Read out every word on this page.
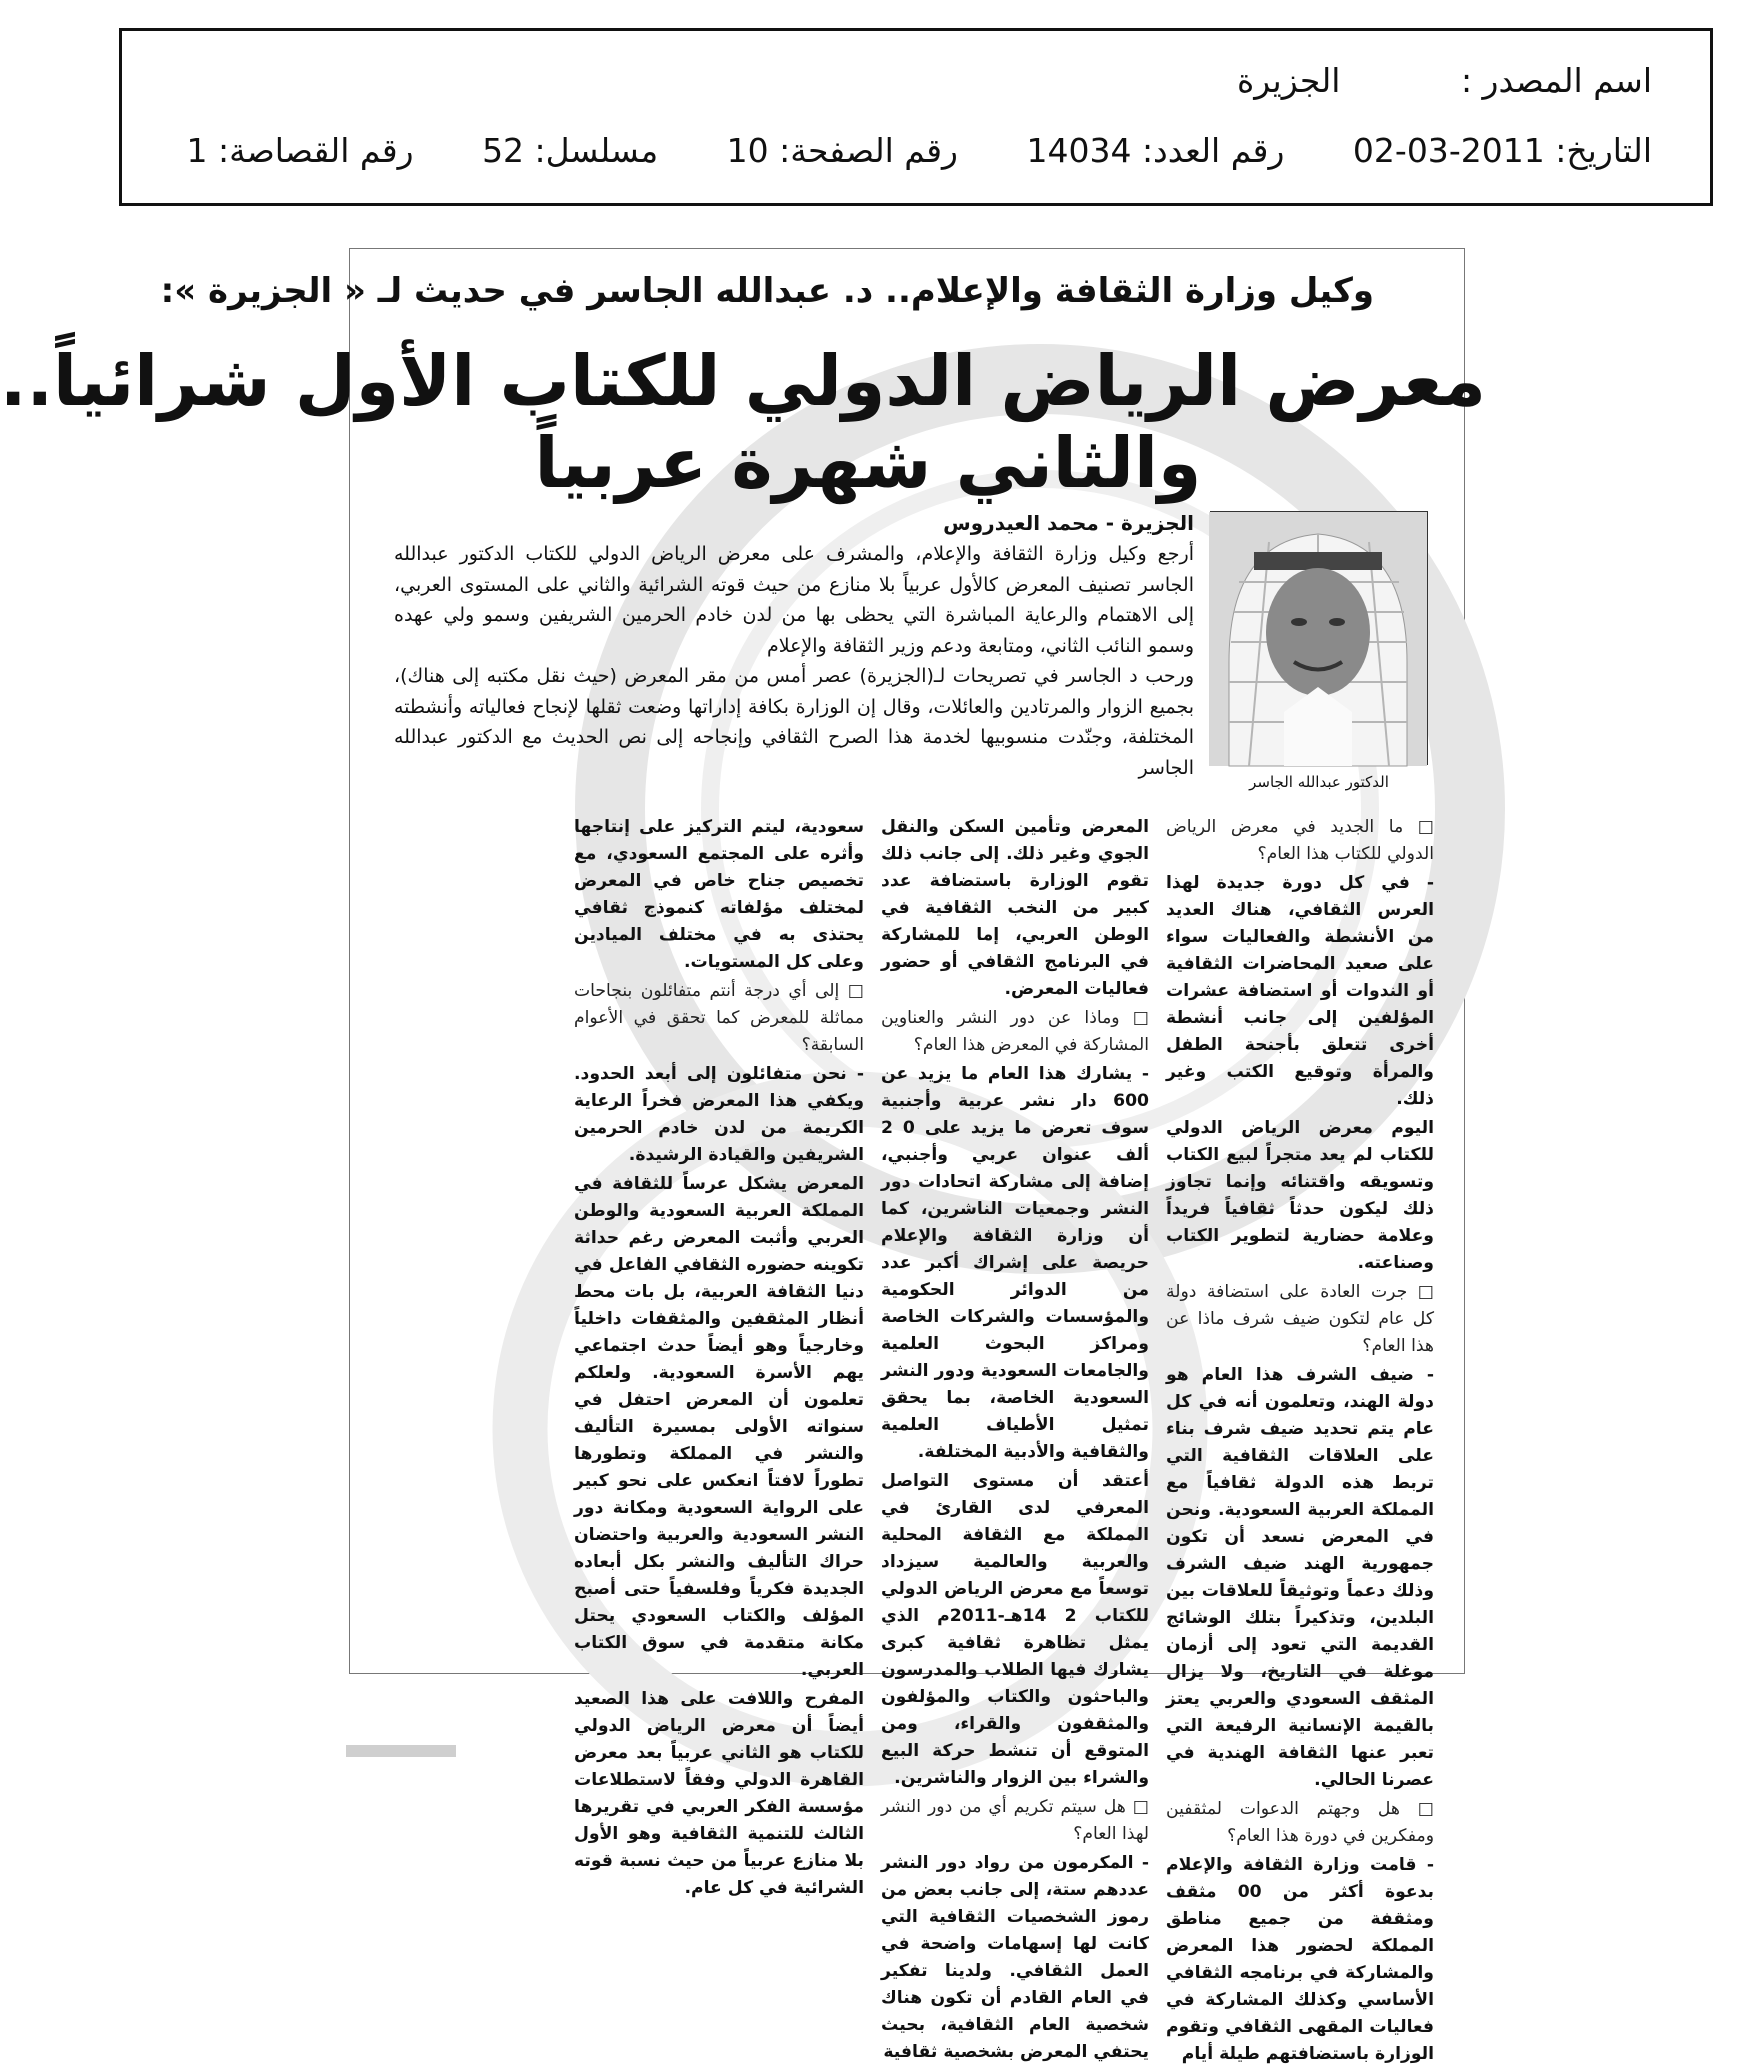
اسم المصدر : الجزيرة
التاريخ: 2011-03-02 رقم العدد: 14034 رقم الصفحة: 10 مسلسل: 52 رقم القصاصة: 1
وكيل وزارة الثقافة والإعلام.. د. عبدالله الجاسر في حديث لـ « الجزيرة »:
معرض الرياض الدولي للكتاب الأول شرائياً..
والثاني شهرة عربياً
الجزيرة - محمد العيدروس
الدكتور عبدالله الجاسر

أرجع وكيل وزارة الثقافة والإعلام، والمشرف على معرض الرياض الدولي للكتاب الدكتور عبدالله الجاسر تصنيف المعرض كالأول عربياً بلا منازع من حيث قوته الشرائية والثاني على المستوى العربي، إلى الاهتمام والرعاية المباشرة التي يحظى بها من لدن خادم الحرمين الشريفين وسمو ولي عهده وسمو النائب الثاني، ومتابعة ودعم وزير الثقافة والإعلام

ورحب د الجاسر في تصريحات لـ(الجزيرة) عصر أمس من مقر المعرض (حيث نقل مكتبه إلى هناك)، بجميع الزوار والمرتادين والعائلات، وقال إن الوزارة بكافة إداراتها وضعت ثقلها لإنجاح فعالياته وأنشطته المختلفة، وجنّدت منسوبيها لخدمة هذا الصرح الثقافي وإنجاحه إلى نص الحديث مع الدكتور عبدالله الجاسر

□ ما الجديد في معرض الرياض الدولي للكتاب هذا العام؟

- في كل دورة جديدة لهذا العرس الثقافي، هناك العديد من الأنشطة والفعاليات سواء على صعيد المحاضرات الثقافية أو الندوات أو استضافة عشرات المؤلفين إلى جانب أنشطة أخرى تتعلق بأجنحة الطفل والمرأة وتوقيع الكتب وغير ذلك.

اليوم معرض الرياض الدولي للكتاب لم يعد متجراً لبيع الكتاب وتسويقه واقتنائه وإنما تجاوز ذلك ليكون حدثاً ثقافياً فريداً وعلامة حضارية لتطوير الكتاب وصناعته.

□ جرت العادة على استضافة دولة كل عام لتكون ضيف شرف ماذا عن هذا العام؟

- ضيف الشرف هذا العام هو دولة الهند، وتعلمون أنه في كل عام يتم تحديد ضيف شرف بناء على العلاقات الثقافية التي تربط هذه الدولة ثقافياً مع المملكة العربية السعودية. ونحن في المعرض نسعد أن تكون جمهورية الهند ضيف الشرف وذلك دعماً وتوثيقاً للعلاقات بين البلدين، وتذكيراً بتلك الوشائج القديمة التي تعود إلى أزمان موغلة في التاريخ، ولا يزال المثقف السعودي والعربي يعتز بالقيمة الإنسانية الرفيعة التي تعبر عنها الثقافة الهندية في عصرنا الحالي.

□ هل وجهتم الدعوات لمثقفين ومفكرين في دورة هذا العام؟

- قامت وزارة الثقافة والإعلام بدعوة أكثر من 00 مثقف ومثقفة من جميع مناطق المملكة لحضور هذا المعرض والمشاركة في برنامجه الثقافي الأساسي وكذلك المشاركة في فعاليات المقهى الثقافي وتقوم الوزارة باستضافتهم طيلة أيام

المعرض وتأمين السكن والنقل الجوي وغير ذلك. إلى جانب ذلك تقوم الوزارة باستضافة عدد كبير من النخب الثقافية في الوطن العربي، إما للمشاركة في البرنامج الثقافي أو حضور فعاليات المعرض.

□ وماذا عن دور النشر والعناوين المشاركة في المعرض هذا العام؟

- يشارك هذا العام ما يزيد عن 600 دار نشر عربية وأجنبية سوف تعرض ما يزيد على 0 2 ألف عنوان عربي وأجنبي، إضافة إلى مشاركة اتحادات دور النشر وجمعيات الناشرين، كما أن وزارة الثقافة والإعلام حريصة على إشراك أكبر عدد من الدوائر الحكومية والمؤسسات والشركات الخاصة ومراكز البحوث العلمية والجامعات السعودية ودور النشر السعودية الخاصة، بما يحقق تمثيل الأطياف العلمية والثقافية والأدبية المختلفة.

أعتقد أن مستوى التواصل المعرفي لدى القارئ في المملكة مع الثقافة المحلية والعربية والعالمية سيزداد توسعاً مع معرض الرياض الدولي للكتاب 2 14هـ-2011م الذي يمثل تظاهرة ثقافية كبرى يشارك فيها الطلاب والمدرسون والباحثون والكتاب والمؤلفون والمثقفون والقراء، ومن المتوقع أن تنشط حركة البيع والشراء بين الزوار والناشرين.

□ هل سيتم تكريم أي من دور النشر لهذا العام؟

- المكرمون من رواد دور النشر عددهم ستة، إلى جانب بعض من رموز الشخصيات الثقافية التي كانت لها إسهامات واضحة في العمل الثقافي. ولدينا تفكير في العام القادم أن تكون هناك شخصية العام الثقافية، بحيث يحتفي المعرض بشخصية ثقافية

سعودية، ليتم التركيز على إنتاجها وأثره على المجتمع السعودي، مع تخصيص جناح خاص في المعرض لمختلف مؤلفاته كنموذج ثقافي يحتذى به في مختلف الميادين وعلى كل المستويات.

□ إلى أي درجة أنتم متفائلون بنجاحات مماثلة للمعرض كما تحقق في الأعوام السابقة؟

- نحن متفائلون إلى أبعد الحدود. ويكفي هذا المعرض فخراً الرعاية الكريمة من لدن خادم الحرمين الشريفين والقيادة الرشيدة.

المعرض يشكل عرساً للثقافة في المملكة العربية السعودية والوطن العربي وأثبت المعرض رغم حداثة تكوينه حضوره الثقافي الفاعل في دنيا الثقافة العربية، بل بات محط أنظار المثقفين والمثقفات داخلياً وخارجياً وهو أيضاً حدث اجتماعي يهم الأسرة السعودية. ولعلكم تعلمون أن المعرض احتفل في سنواته الأولى بمسيرة التأليف والنشر في المملكة وتطورها تطوراً لافتاً انعكس على نحو كبير على الرواية السعودية ومكانة دور النشر السعودية والعربية واحتضان حراك التأليف والنشر بكل أبعاده الجديدة فكرياً وفلسفياً حتى أصبح المؤلف والكتاب السعودي يحتل مكانة متقدمة في سوق الكتاب العربي.

المفرح واللافت على هذا الصعيد أيضاً أن معرض الرياض الدولي للكتاب هو الثاني عربياً بعد معرض القاهرة الدولي وفقاً لاستطلاعات مؤسسة الفكر العربي في تقريرها الثالث للتنمية الثقافية وهو الأول بلا منازع عربياً من حيث نسبة قوته الشرائية في كل عام.
